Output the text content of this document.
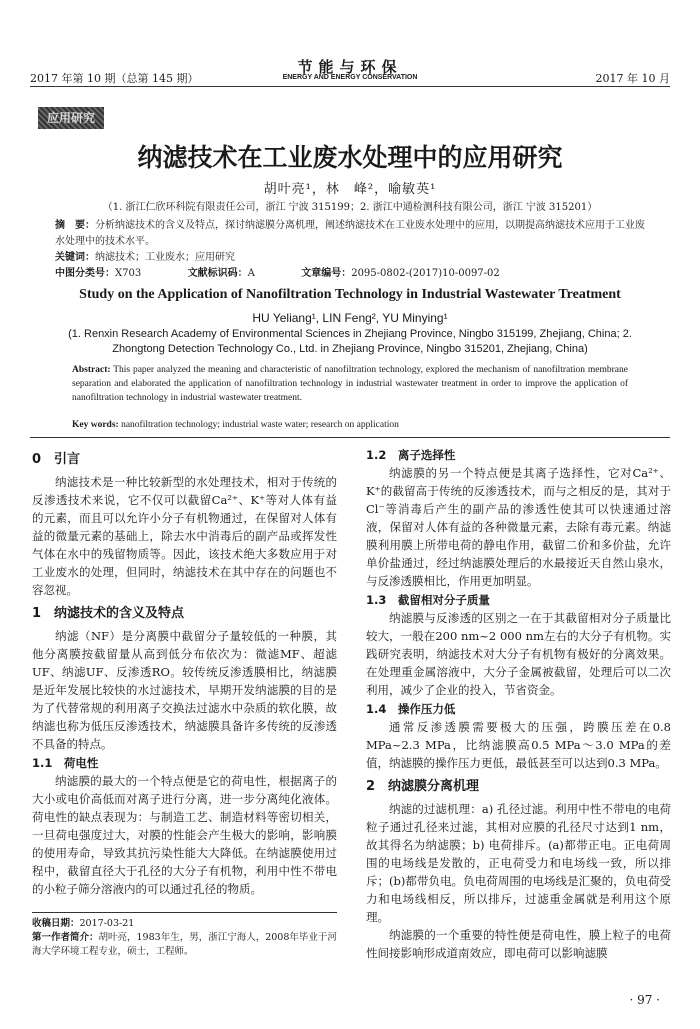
2017 年第 10 期（总第 145 期）
节能与环保
ENERGY AND ENERGY CONSERVATION	2017 年 10 月
应用研究
纳滤技术在工业废水处理中的应用研究
胡叶亮¹，林　峰²，喻敏英¹
（1. 浙江仁欣环科院有限责任公司，浙江 宁波 315199；2. 浙江中通检测科技有限公司，浙江 宁波 315201）
摘　要：分析纳滤技术的含义及特点，探讨纳滤膜分离机理，阐述纳滤技术在工业废水处理中的应用，以期提高纳滤技术应用于工业废水处理中的技术水平。
关键词：纳滤技术；工业废水；应用研究
中图分类号：X703	文献标识码：A	文章编号：2095-0802-(2017)10-0097-02
Study on the Application of Nanofiltration Technology in Industrial Wastewater Treatment
HU Yeliang¹, LIN Feng², YU Minying¹
(1. Renxin Research Academy of Environmental Sciences in Zhejiang Province, Ningbo 315199, Zhejiang, China; 2. Zhongtong Detection Technology Co., Ltd. in Zhejiang Province, Ningbo 315201, Zhejiang, China)
Abstract: This paper analyzed the meaning and characteristic of nanofiltration technology, explored the mechanism of nanofiltration membrane separation and elaborated the application of nanofiltration technology in industrial wastewater treatment in order to improve the application of nanofiltration technology in industrial wastewater treatment.
Key words: nanofiltration technology; industrial waste water; research on application
0　引言

纳滤技术是一种比较新型的水处理技术，相对于传统的反渗透技术来说，它不仅可以截留Ca²⁺、K⁺等对人体有益的元素，而且可以允许小分子有机物通过，在保留对人体有益的微量元素的基础上，除去水中消毒后的副产品或挥发性气体在水中的残留物质等。因此，该技术绝大多数应用于对工业废水的处理，但同时，纳滤技术在其中存在的问题也不容忽视。

1　纳滤技术的含义及特点

纳滤（NF）是分离膜中截留分子量较低的一种膜，其他分离膜按截留量从高到低分布依次为：微滤MF、超滤UF、纳滤UF、反渗透RO。较传统反渗透膜相比，纳滤膜是近年发展比较快的水过滤技术，早期开发纳滤膜的目的是为了代替常规的利用离子交换法过滤水中杂质的软化膜，故纳滤也称为低压反渗透技术，纳滤膜具备许多传统的反渗透不具备的特点。

1.1　荷电性

纳滤膜的最大的一个特点便是它的荷电性，根据离子的大小或电价高低而对离子进行分离，进一步分离纯化液体。荷电性的缺点表现为：与制造工艺、制造材料等密切相关，一旦荷电强度过大，对膜的性能会产生极大的影响，影响膜的使用寿命，导致其抗污染性能大大降低。在纳滤膜使用过程中，截留直径大于孔径的大分子有机物，利用中性不带电的小粒子筛分溶液内的可以通过孔径的物质。

1.2　离子选择性

纳滤膜的另一个特点便是其离子选择性，它对Ca²⁺、K⁺的截留高于传统的反渗透技术，而与之相反的是，其对于Cl⁻等消毒后产生的副产品的渗透性使其可以快速通过溶液，保留对人体有益的各种微量元素，去除有毒元素。纳滤膜利用膜上所带电荷的静电作用，截留二价和多价盐，允许单价盐通过，经过纳滤膜处理后的水最接近天自然山泉水，与反渗透膜相比，作用更加明显。

1.3　截留相对分子质量

纳滤膜与反渗透的区别之一在于其截留相对分子质量比较大，一般在200 nm~2 000 nm左右的大分子有机物。实践研究表明，纳滤技术对大分子有机物有极好的分离效果。在处理重金属溶液中，大分子金属被截留，处理后可以二次利用，减少了企业的投入，节省资金。

1.4　操作压力低

通常反渗透膜需要极大的压强，跨膜压差在0.8 MPa~2.3 MPa，比纳滤膜高0.5 MPa～3.0 MPa的差值，纳滤膜的操作压力更低，最低甚至可以达到0.3 MPa。

2　纳滤膜分离机理

纳滤的过滤机理：a) 孔径过滤。利用中性不带电的电荷粒子通过孔径来过滤，其相对应膜的孔径尺寸达到1 nm，故其得名为纳滤膜；b) 电荷排斥。(a)都带正电。正电荷周围的电场线是发散的，正电荷受力和电场线一致，所以排斥；(b)都带负电。负电荷周围的电场线是汇聚的，负电荷受力和电场线相反，所以排斥，过滤重金属就是利用这个原理。

纳滤膜的一个重要的特性便是荷电性，膜上粒子的电荷性间接影响形成道南效应，即电荷可以影响滤膜

收稿日期：2017-03-21
第一作者简介：胡叶亮，1983年生，男，浙江宁海人，2008年毕业于河海大学环境工程专业，硕士，工程师。
· 97 ·
